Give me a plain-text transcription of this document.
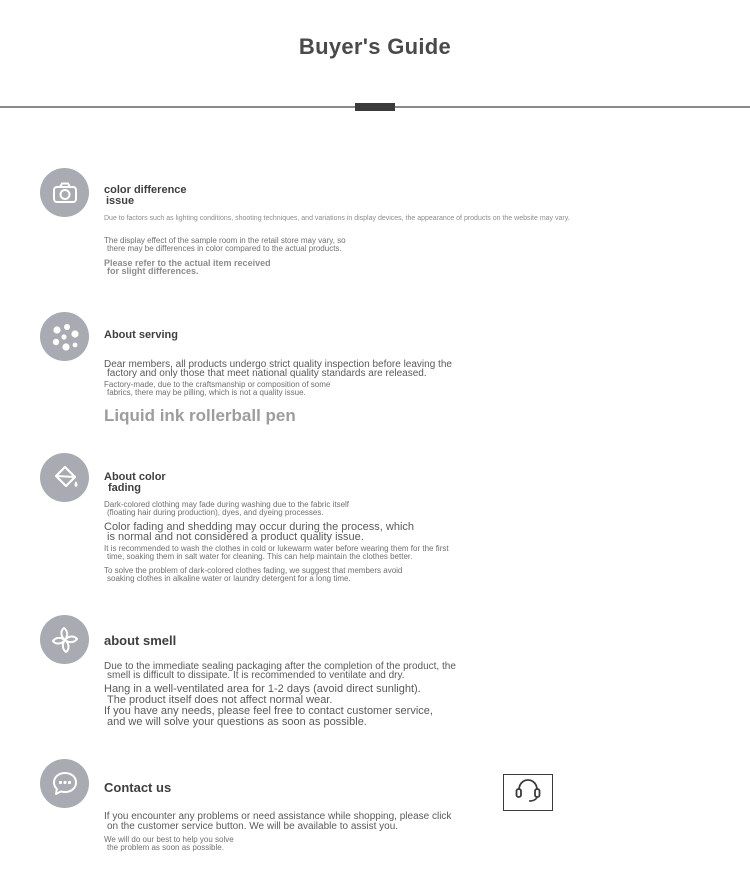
Buyer's Guide
color difference
issue
Due to factors such as lighting conditions, shooting techniques, and variations in display devices, the appearance of products on the website may vary.
The display effect of the sample room in the retail store may vary, so
there may be differences in color compared to the actual products.
Please refer to the actual item received
for slight differences.
About serving
Dear members, all products undergo strict quality inspection before leaving the
factory and only those that meet national quality standards are released.
Factory-made, due to the craftsmanship or composition of some
fabrics, there may be pilling, which is not a quality issue.
Liquid ink rollerball pen
About color
fading
Dark-colored clothing may fade during washing due to the fabric itself
(floating hair during production), dyes, and dyeing processes.
Color fading and shedding may occur during the process, which
is normal and not considered a product quality issue.
It is recommended to wash the clothes in cold or lukewarm water before wearing them for the first
time, soaking them in salt water for cleaning. This can help maintain the clothes better.
To solve the problem of dark-colored clothes fading, we suggest that members avoid
soaking clothes in alkaline water or laundry detergent for a long time.
about smell
Due to the immediate sealing packaging after the completion of the product, the
smell is difficult to dissipate. It is recommended to ventilate and dry.
Hang in a well-ventilated area for 1-2 days (avoid direct sunlight).
The product itself does not affect normal wear.
If you have any needs, please feel free to contact customer service,
and we will solve your questions as soon as possible.
Contact us
If you encounter any problems or need assistance while shopping, please click
on the customer service button. We will be available to assist you.
We will do our best to help you solve
the problem as soon as possible.
